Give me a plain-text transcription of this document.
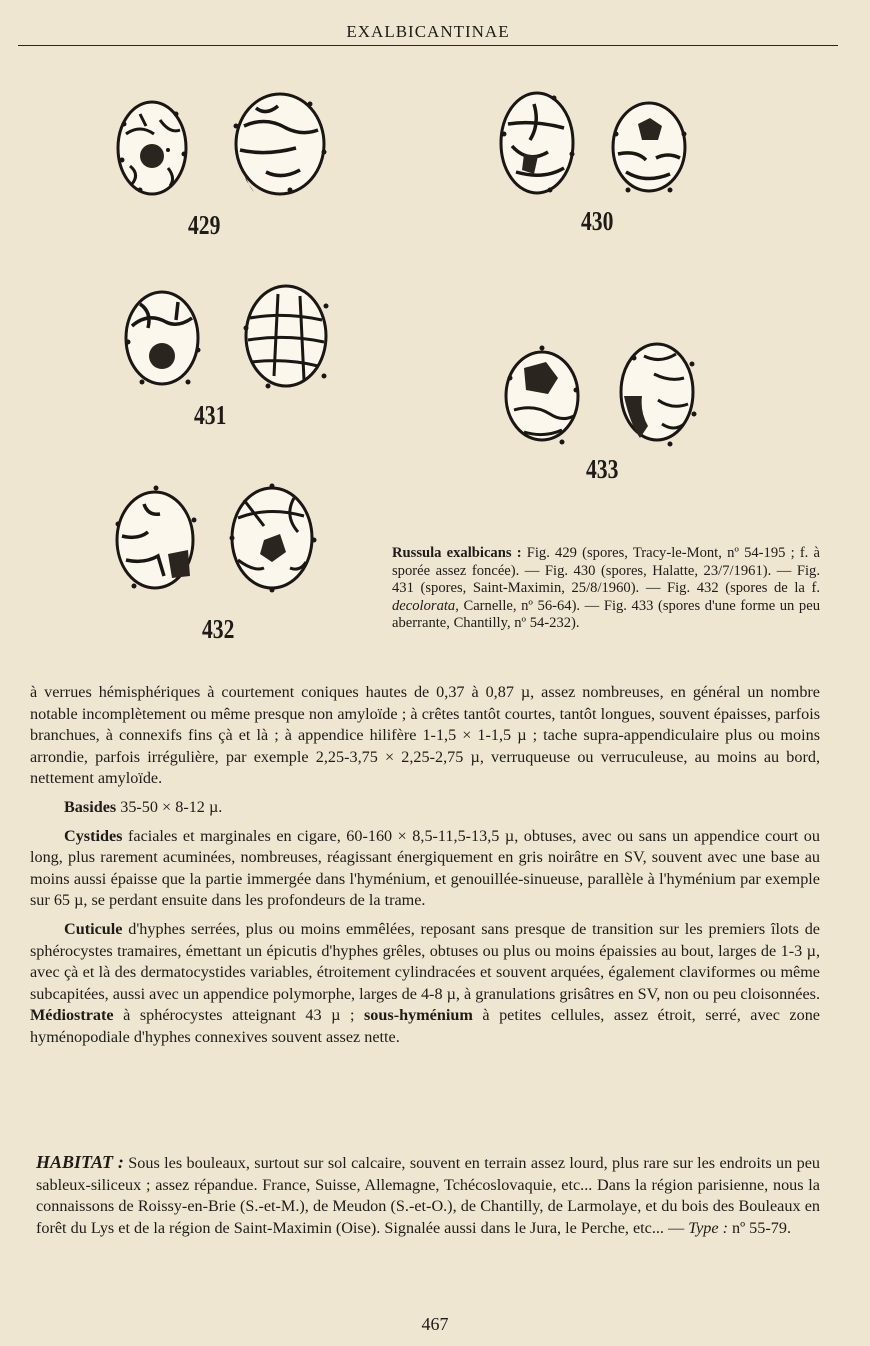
EXALBICANTINAE
429	430
431
433
432
Russula exalbicans : Fig. 429 (spores, Tracy-le-Mont, nº 54-195 ; f. à sporée assez foncée). — Fig. 430 (spores, Halatte, 23/7/1961). — Fig. 431 (spores, Saint-Maximin, 25/8/1960). — Fig. 432 (spores de la f. decolorata, Carnelle, nº 56-64). — Fig. 433 (spores d'une forme un peu aberrante, Chantilly, nº 54-232).

à verrues hémisphériques à courtement coniques hautes de 0,37 à 0,87 µ, assez nombreuses, en général un nombre notable incomplètement ou même presque non amyloïde ; à crêtes tantôt courtes, tantôt longues, souvent épaisses, parfois branchues, à connexifs fins çà et là ; à appendice hilifère 1-1,5 × 1-1,5 µ ; tache supra-appendiculaire plus ou moins arrondie, parfois irrégulière, par exemple 2,25-3,75 × 2,25-2,75 µ, verruqueuse ou verruculeuse, au moins au bord, nettement amyloïde.

Basides 35-50 × 8-12 µ.

Cystides faciales et marginales en cigare, 60-160 × 8,5-11,5-13,5 µ, obtuses, avec ou sans un appendice court ou long, plus rarement acuminées, nombreuses, réagissant énergiquement en gris noirâtre en SV, souvent avec une base au moins aussi épaisse que la partie immergée dans l'hyménium, et genouillée-sinueuse, parallèle à l'hyménium par exemple sur 65 µ, se perdant ensuite dans les profondeurs de la trame.

Cuticule d'hyphes serrées, plus ou moins emmêlées, reposant sans presque de transition sur les premiers îlots de sphérocystes tramaires, émettant un épicutis d'hyphes grêles, obtuses ou plus ou moins épaissies au bout, larges de 1-3 µ, avec çà et là des dermatocystides variables, étroitement cylindracées et souvent arquées, également claviformes ou même subcapitées, aussi avec un appendice polymorphe, larges de 4-8 µ, à granulations grisâtres en SV, non ou peu cloisonnées. Médiostrate à sphérocystes atteignant 43 µ ; sous-hyménium à petites cellules, assez étroit, serré, avec zone hyménopodiale d'hyphes connexives souvent assez nette.

HABITAT : Sous les bouleaux, surtout sur sol calcaire, souvent en terrain assez lourd, plus rare sur les endroits un peu sableux-siliceux ; assez répandue. France, Suisse, Allemagne, Tchécoslovaquie, etc... Dans la région parisienne, nous la connaissons de Roissy-en-Brie (S.-et-M.), de Meudon (S.-et-O.), de Chantilly, de Larmolaye, et du bois des Bouleaux en forêt du Lys et de la région de Saint-Maximin (Oise). Signalée aussi dans le Jura, le Perche, etc... — Type : nº 55-79.
467
